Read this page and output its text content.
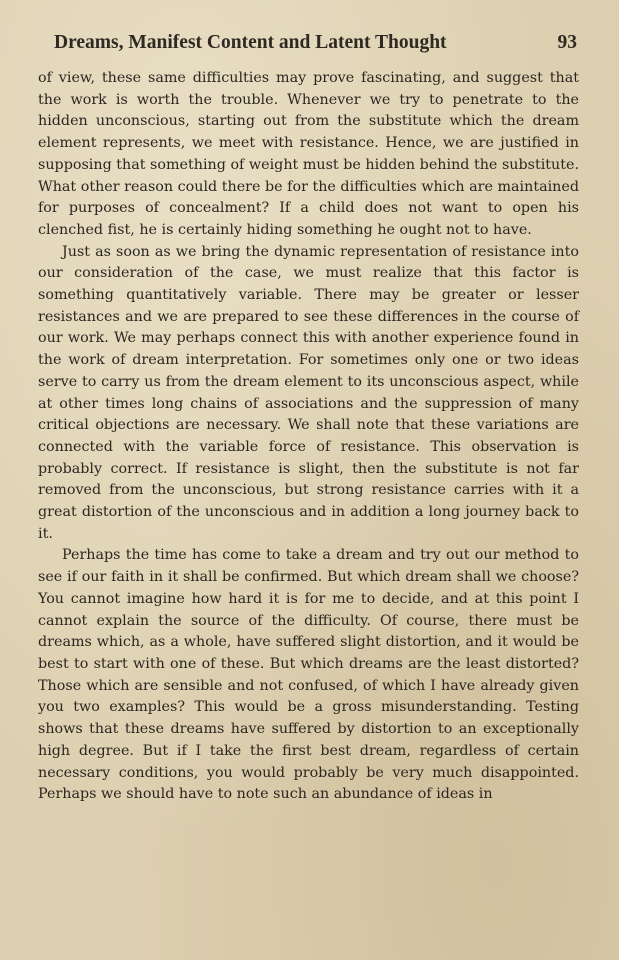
Dreams, Manifest Content and Latent Thought	93

of view, these same difficulties may prove fascinating, and suggest that the work is worth the trouble. Whenever we try to penetrate to the hidden unconscious, starting out from the substitute which the dream element represents, we meet with resistance. Hence, we are justified in supposing that something of weight must be hidden behind the substitute. What other reason could there be for the difficulties which are maintained for purposes of concealment? If a child does not want to open his clenched fist, he is certainly hiding something he ought not to have.

Just as soon as we bring the dynamic representation of resistance into our consideration of the case, we must realize that this factor is something quantitatively variable. There may be greater or lesser resistances and we are prepared to see these differences in the course of our work. We may perhaps connect this with another experience found in the work of dream interpretation. For sometimes only one or two ideas serve to carry us from the dream element to its unconscious aspect, while at other times long chains of associations and the suppression of many critical objections are necessary. We shall note that these variations are connected with the variable force of resistance. This observation is probably correct. If resistance is slight, then the substitute is not far removed from the unconscious, but strong resistance carries with it a great distortion of the unconscious and in addition a long journey back to it.

Perhaps the time has come to take a dream and try out our method to see if our faith in it shall be confirmed. But which dream shall we choose? You cannot imagine how hard it is for me to decide, and at this point I cannot explain the source of the difficulty. Of course, there must be dreams which, as a whole, have suffered slight distortion, and it would be best to start with one of these. But which dreams are the least distorted? Those which are sensible and not confused, of which I have already given you two examples? This would be a gross misunderstanding. Testing shows that these dreams have suffered by distortion to an exceptionally high degree. But if I take the first best dream, regardless of certain necessary conditions, you would probably be very much disappointed. Perhaps we should have to note such an abundance of ideas in
